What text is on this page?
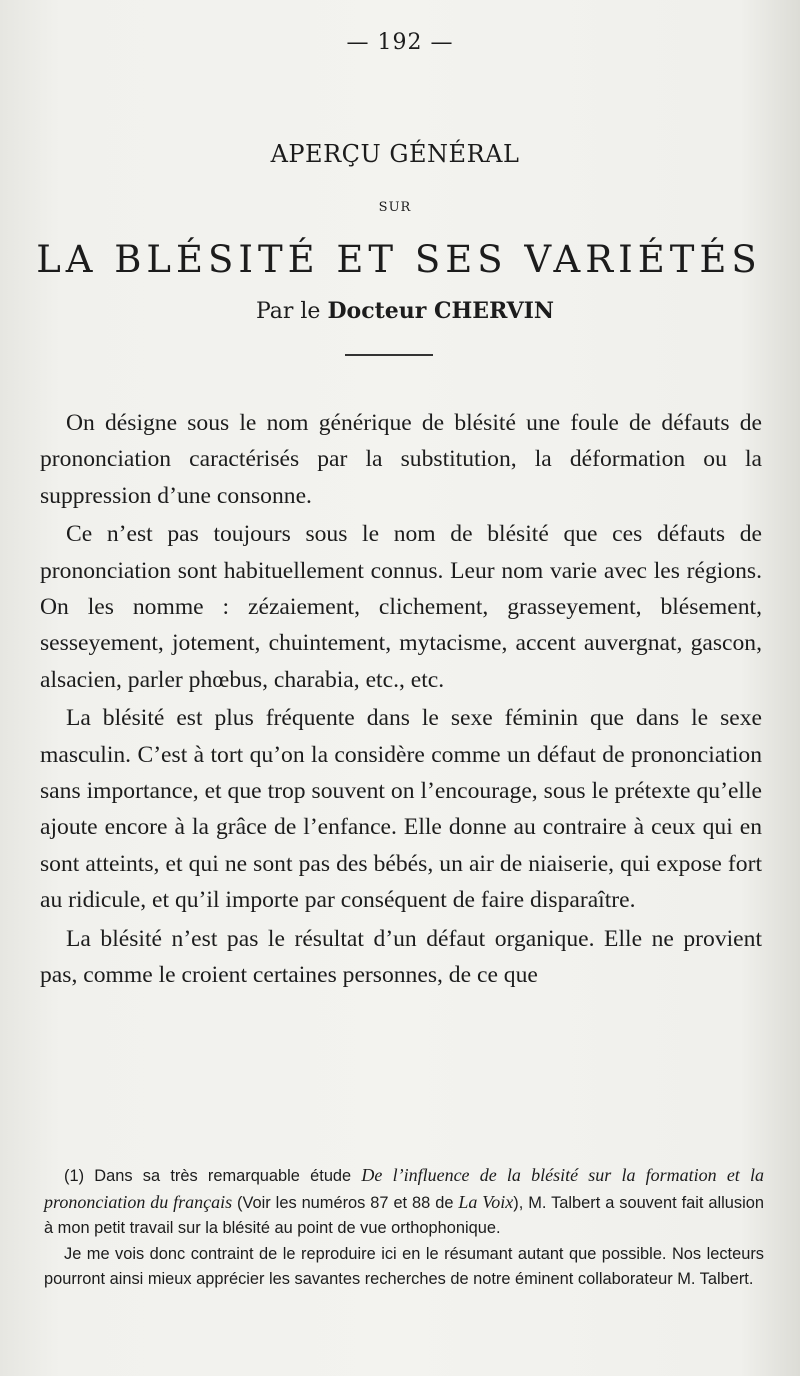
— 192 —
APERÇU GÉNÉRAL
SUR
LA BLÉSITÉ ET SES VARIÉTÉS
Par le Docteur CHERVIN

On désigne sous le nom générique de blésité une foule de défauts de prononciation caractérisés par la substitution, la déformation ou la suppression d’une consonne.

Ce n’est pas toujours sous le nom de blésité que ces défauts de prononciation sont habituellement connus. Leur nom varie avec les régions. On les nomme : zézaiement, clichement, grasseyement, blésement, sesseyement, jotement, chuintement, mytacisme, accent auvergnat, gascon, alsacien, parler phœbus, charabia, etc., etc.

La blésité est plus fréquente dans le sexe féminin que dans le sexe masculin. C’est à tort qu’on la considère comme un défaut de prononciation sans importance, et que trop souvent on l’encourage, sous le prétexte qu’elle ajoute encore à la grâce de l’enfance. Elle donne au contraire à ceux qui en sont atteints, et qui ne sont pas des bébés, un air de niaiserie, qui expose fort au ridicule, et qu’il importe par conséquent de faire disparaître.

La blésité n’est pas le résultat d’un défaut organique. Elle ne provient pas, comme le croient certaines personnes, de ce que

(1) Dans sa très remarquable étude De l’influence de la blésité sur la formation et la prononciation du français (Voir les numéros 87 et 88 de La Voix), M. Talbert a souvent fait allusion à mon petit travail sur la blésité au point de vue orthophonique.

Je me vois donc contraint de le reproduire ici en le résumant autant que possible. Nos lecteurs pourront ainsi mieux apprécier les savantes recherches de notre éminent collaborateur M. Talbert.
